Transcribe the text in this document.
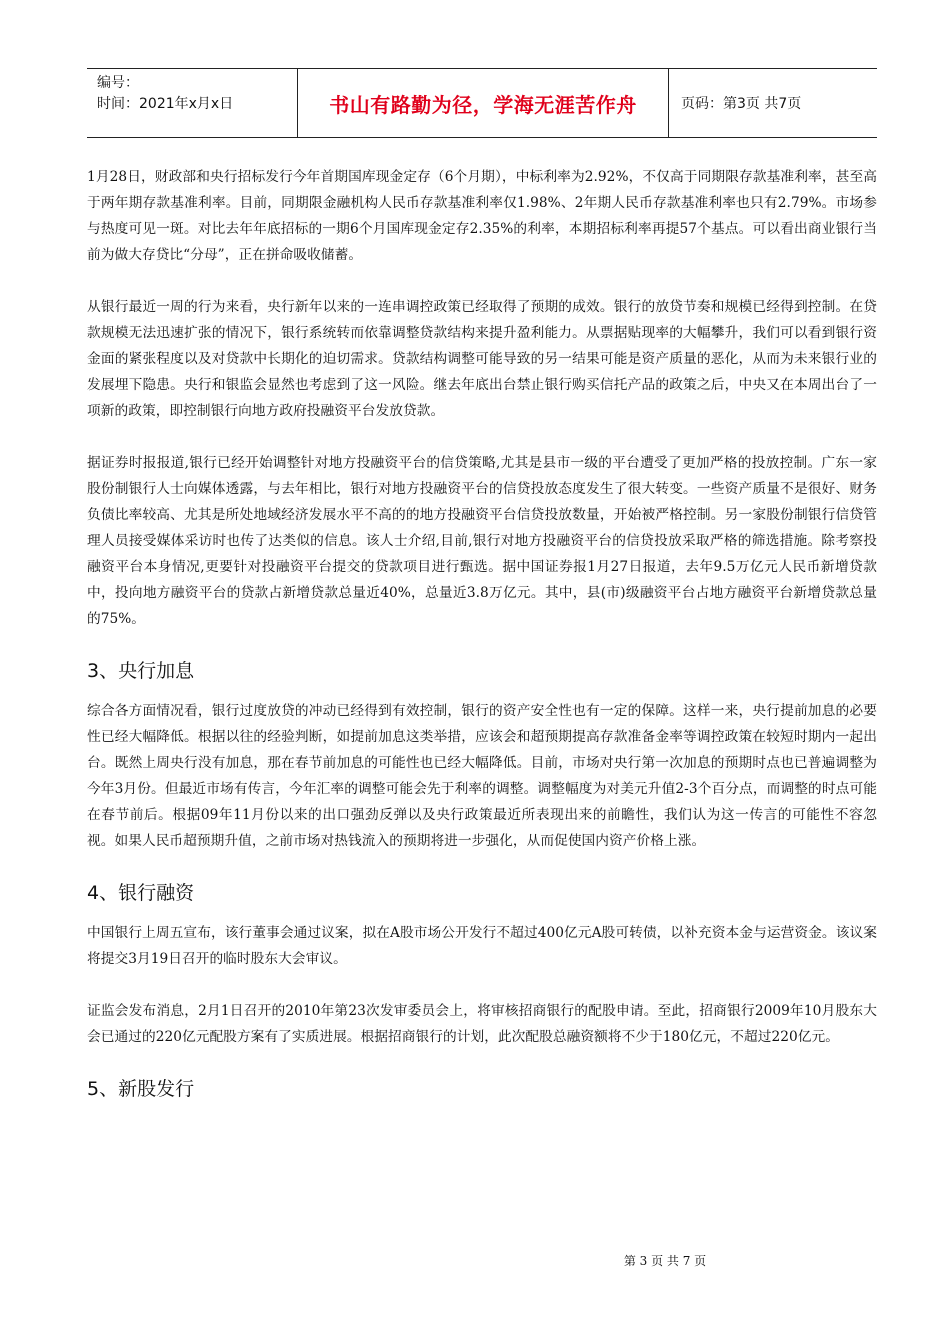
编号：
时间：2021年x月x日	书山有路勤为径，学海无涯苦作舟	页码：第3页 共7页

1月28日，财政部和央行招标发行今年首期国库现金定存（6个月期），中标利率为2.92%，不仅高于同期限存款基准利率，甚至高于两年期存款基准利率。目前，同期限金融机构人民币存款基准利率仅1.98%、2年期人民币存款基准利率也只有2.79%。市场参与热度可见一斑。对比去年年底招标的一期6个月国库现金定存2.35%的利率，本期招标利率再提57个基点。可以看出商业银行当前为做大存贷比“分母”，正在拼命吸收储蓄。

从银行最近一周的行为来看，央行新年以来的一连串调控政策已经取得了预期的成效。银行的放贷节奏和规模已经得到控制。在贷款规模无法迅速扩张的情况下，银行系统转而依靠调整贷款结构来提升盈利能力。从票据贴现率的大幅攀升，我们可以看到银行资金面的紧张程度以及对贷款中长期化的迫切需求。贷款结构调整可能导致的另一结果可能是资产质量的恶化，从而为未来银行业的发展埋下隐患。央行和银监会显然也考虑到了这一风险。继去年底出台禁止银行购买信托产品的政策之后，中央又在本周出台了一项新的政策，即控制银行向地方政府投融资平台发放贷款。

据证券时报报道,银行已经开始调整针对地方投融资平台的信贷策略,尤其是县市一级的平台遭受了更加严格的投放控制。广东一家股份制银行人士向媒体透露，与去年相比，银行对地方投融资平台的信贷投放态度发生了很大转变。一些资产质量不是很好、财务负债比率较高、尤其是所处地域经济发展水平不高的的地方投融资平台信贷投放数量，开始被严格控制。另一家股份制银行信贷管理人员接受媒体采访时也传了达类似的信息。该人士介绍,目前,银行对地方投融资平台的信贷投放采取严格的筛选措施。除考察投融资平台本身情况,更要针对投融资平台提交的贷款项目进行甄选。据中国证券报1月27日报道，去年9.5万亿元人民币新增贷款中，投向地方融资平台的贷款占新增贷款总量近40%，总量近3.8万亿元。其中，县(市)级融资平台占地方融资平台新增贷款总量的75%。

3、央行加息

综合各方面情况看，银行过度放贷的冲动已经得到有效控制，银行的资产安全性也有一定的保障。这样一来，央行提前加息的必要性已经大幅降低。根据以往的经验判断，如提前加息这类举措，应该会和超预期提高存款准备金率等调控政策在较短时期内一起出台。既然上周央行没有加息，那在春节前加息的可能性也已经大幅降低。目前，市场对央行第一次加息的预期时点也已普遍调整为今年3月份。但最近市场有传言，今年汇率的调整可能会先于利率的调整。调整幅度为对美元升值2-3个百分点，而调整的时点可能在春节前后。根据09年11月份以来的出口强劲反弹以及央行政策最近所表现出来的前瞻性，我们认为这一传言的可能性不容忽视。如果人民币超预期升值，之前市场对热钱流入的预期将进一步强化，从而促使国内资产价格上涨。

4、银行融资

中国银行上周五宣布，该行董事会通过议案，拟在A股市场公开发行不超过400亿元A股可转债，以补充资本金与运营资金。该议案将提交3月19日召开的临时股东大会审议。

证监会发布消息，2月1日召开的2010年第23次发审委员会上，将审核招商银行的配股申请。至此，招商银行2009年10月股东大会已通过的220亿元配股方案有了实质进展。根据招商银行的计划，此次配股总融资额将不少于180亿元，不超过220亿元。

5、新股发行
第 3 页 共 7 页
